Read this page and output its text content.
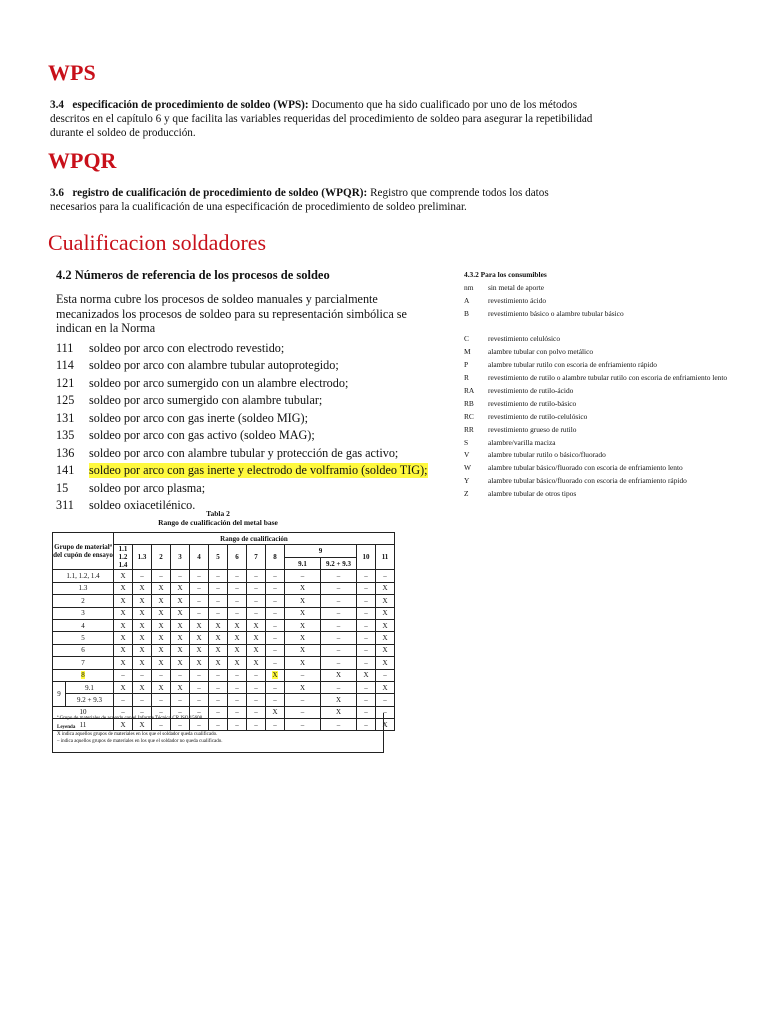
WPS
3.4 especificación de procedimiento de soldeo (WPS): Documento que ha sido cualificado por uno de los métodos descritos en el capítulo 6 y que facilita las variables requeridas del procedimiento de soldeo para asegurar la repetibilidad durante el soldeo de producción.
WPQR
3.6 registro de cualificación de procedimiento de soldeo (WPQR): Registro que comprende todos los datos necesarios para la cualificación de una especificación de procedimiento de soldeo preliminar.
Cualificacion soldadores
4.2 Números de referencia de los procesos de soldeo
Esta norma cubre los procesos de soldeo manuales y parcialmente mecanizados los procesos de soldeo para su representación simbólica se indican en la Norma
111	soldeo por arco con electrodo revestido;
114	soldeo por arco con alambre tubular autoprotegido;
121	soldeo por arco sumergido con un alambre electrodo;
125	soldeo por arco sumergido con alambre tubular;
131	soldeo por arco con gas inerte (soldeo MIG);
135	soldeo por arco con gas activo (soldeo MAG);
136	soldeo por arco con alambre tubular y protección de gas activo;
141	soldeo por arco con gas inerte y electrodo de volframio (soldeo TIG);
15	soldeo por arco plasma;
311	soldeo oxiacetilénico.
4.3.2 Para los consumibles
nm	sin metal de aporte
A	revestimiento ácido
B	revestimiento básico o alambre tubular básico
C	revestimiento celulósico
M	alambre tubular con polvo metálico
P	alambre tubular rutilo con escoria de enfriamiento rápido
R	revestimiento de rutilo o alambre tubular rutilo con escoria de enfriamiento lento
RA	revestimiento de rutilo-ácido
RB	revestimiento de rutilo-básico
RC	revestimiento de rutilo-celulósico
RR	revestimiento grueso de rutilo
S	alambre/varilla maciza
V	alambre tubular rutilo o básico/fluorado
W	alambre tubular básico/fluorado con escoria de enfriamiento lento
Y	alambre tubular básico/fluorado con escoria de enfriamiento rápido
Z	alambre tubular de otros tipos
Tabla 2
Rango de cualificación del metal base
Grupo de materialª del cupón de ensayo		Rango de cualificación												
		1.1 1.2 1.4	1.3	2	3	4	5	6	7	8	9		10	11
											9.1	9.2 + 9.3		
1.1, 1.2, 1.4		X	–	–	–	–	–	–	–	–	–	–	–	–
1.3		X	X	X	X	–	–	–	–	–	X	–	–	X
2		X	X	X	X	–	–	–	–	–	X	–	–	X
3		X	X	X	X	–	–	–	–	–	X	–	–	X
4		X	X	X	X	X	X	X	X	–	X	–	–	X
5		X	X	X	X	X	X	X	X	–	X	–	–	X
6		X	X	X	X	X	X	X	X	–	X	–	–	X
7		X	X	X	X	X	X	X	X	–	X	–	–	X
8		–	–	–	–	–	–	–	–	X	–	X	X	–
9	9.1	X	X	X	X	–	–	–	–	–	X	–	–	X
	9.2 + 9.3	–	–	–	–	–	–	–	–	–	–	X	–	–
10		–	–	–	–	–	–	–	–	X	–	X	–	–
11		X	X	–	–	–	–	–	–	–	–	–	–	X
ª Grupo de materiales de acuerdo con el Informe Técnico CR ISO 15608.
Leyenda
X indica aquellos grupos de materiales en los que el soldador queda cualificado.
– indica aquellos grupos de materiales en los que el soldador no queda cualificado.
